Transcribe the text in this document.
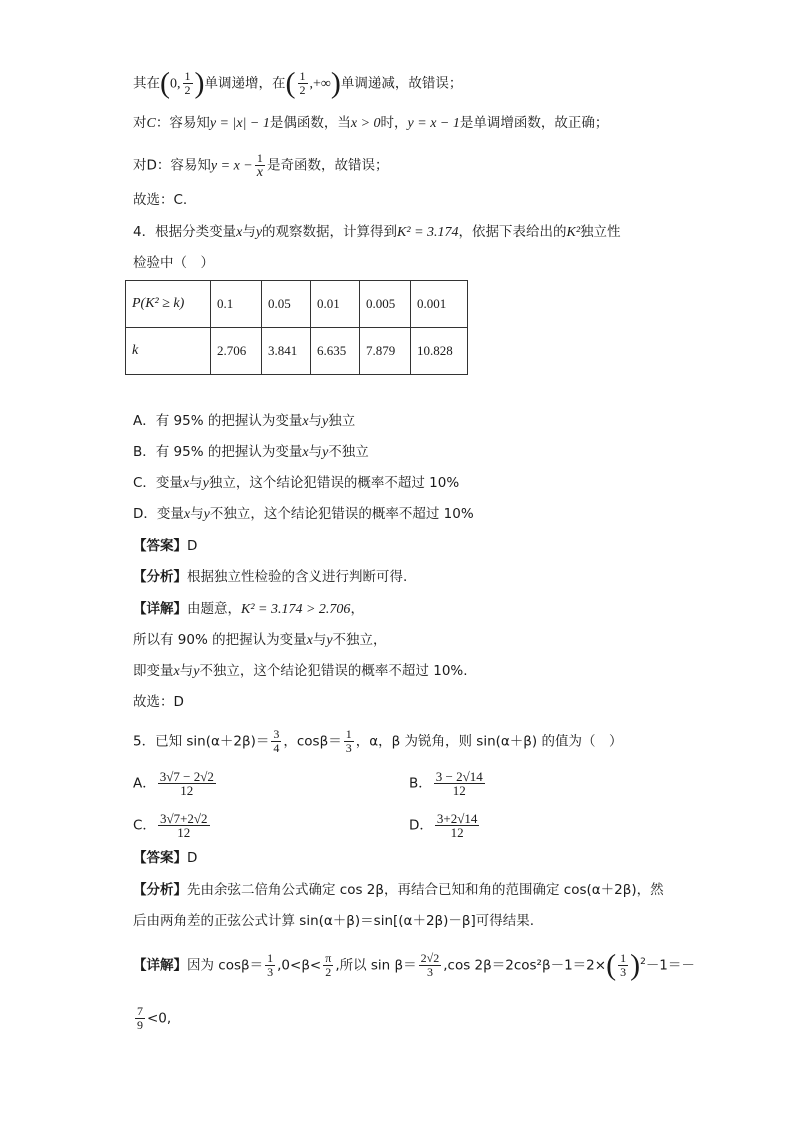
其在(0, $\frac{1}{2}$ )单调递增，在( $\frac{1}{2}$ ,+∞)单调递减，故错误；
对C：容易知y = |x| − 1是偶函数，当x > 0时，y = x − 1是单调增函数，故正确；
对D：容易知$y = x - \frac{1}{x}$ 是奇函数，故错误；
故选：C.
4．根据分类变量x与y的观察数据，计算得到K² = 3.174，依据下表给出的K²独立性
检验中（　）
P(K² ≥ k)	0.1	0.05	0.01	0.005	0.001
k	2.706	3.841	6.635	7.879	10.828
A．有 95% 的把握认为变量x与y独立
B．有 95% 的把握认为变量x与y不独立
C．变量x与y独立，这个结论犯错误的概率不超过 10%
D．变量x与y不独立，这个结论犯错误的概率不超过 10%
【答案】D
【分析】根据独立性检验的含义进行判断可得.
【详解】由题意，K² = 3.174 > 2.706，
所以有 90% 的把握认为变量x与y不独立，
即变量x与y不独立，这个结论犯错误的概率不超过 10%.
故选：D
5．已知 $\sin(\alpha+2\beta)= \frac{3}{4}$ ，$\cos\beta= \frac{1}{3}$ ，α，β 为锐角，则 sin(α＋β) 的值为（　）
A． $\frac{3√7 - 2√2}{12}$	B． $\frac{3 - 2√14}{12}$
C． $\frac{3√7+2√2}{12}$	D． $\frac{3+2√14}{12}$
【答案】D
【分析】先由余弦二倍角公式确定 cos 2β，再结合已知和角的范围确定 cos(α＋2β)，然
后由两角差的正弦公式计算 sin(α＋β)＝sin[(α＋2β)－β]可得结果.
【详解】因为 $\cos\beta= \frac{1}{3} ,0<\beta< \frac{\pi}{2}$ ,所以 $\sin \beta= \frac{2√2}{3} ,\cos$ $2\beta=2\cos^2\beta-1=2\times( \frac{1}{3} )^2-1=-$
$\frac{7}{9} <0$,
